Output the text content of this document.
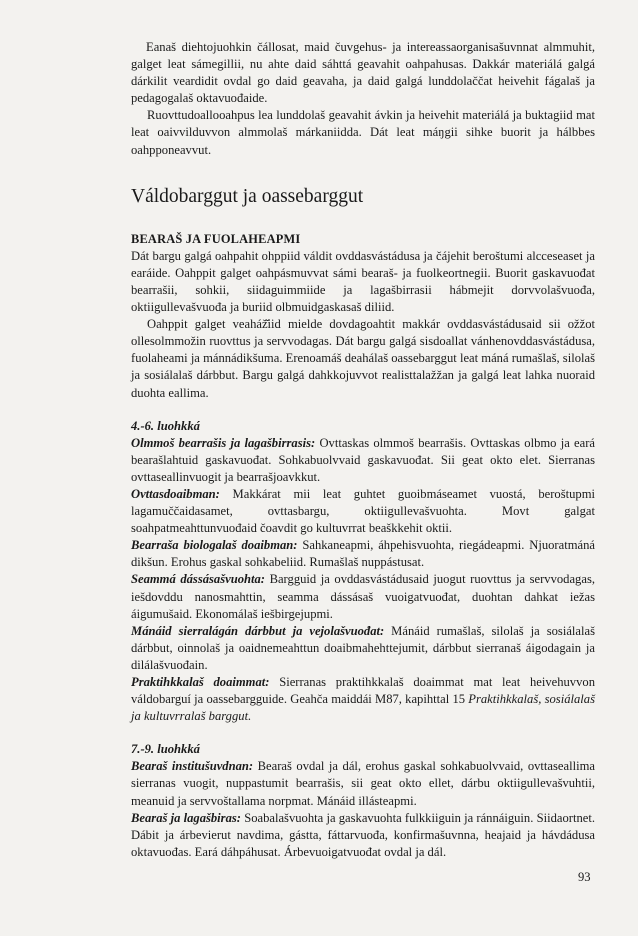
Eanaš diehtojuohkin čállosat, maid čuvgehus- ja intereassaorganisašuvnnat almmuhit, galget leat sámegillii, nu ahte daid sáhttá geavahit oahpahusas. Dakkár materiálá galgá dárkilit veardidit ovdal go daid geavaha, ja daid galgá lunddolaččat heivehit fágalaš ja pedagogalaš oktavuođaide.

Ruovttudoallooahpus lea lunddolaš geavahit ávkin ja heivehit materiálá ja buktagiid mat leat oaivvilduvvon almmolaš márkaniidda. Dát leat máŋgii sihke buorit ja hálbbes oahpponeavvut.

Váldobarggut ja oassebarggut

BEARAŠ JA FUOLAHEAPMI

Dát bargu galgá oahpahit ohppiid váldit ovddasvástádusa ja čájehit beroštumi alcceseaset ja earáide. Oahppit galget oahpásmuvvat sámi bearaš- ja fuolkeortnegii. Buorit gaskavuođat bearrašii, sohkii, siidaguimmiide ja lagašbirrasii hábmejit dorvvolašvuođa, oktiigullevašvuođa ja buriid olbmuidgaskasaš diliid.

Oahppit galget veaháž̌iid mielde dovdagoahtit makkár ovddasvástádusaid sii ožžot ollesolmmožin ruovttus ja servvodagas. Dát bargu galgá sisdoallat vánhenovddasvástádusa, fuolaheami ja mánnádikšuma. Erenoamáš deahálaš oassebarggut leat máná rumašlaš, silolaš ja sosiálalaš dárbbut. Bargu galgá dahkkojuvvot realisttalažžan ja galgá leat lahka nuoraid duohta eallima.

4.-6. luohkká

Olmmoš bearrašis ja lagašbirrasis: Ovttaskas olmmoš bearrašis. Ovttaskas olbmo ja eará bearašlahtuid gaskavuođat. Sohkabuolvvaid gaskavuođat. Sii geat okto elet. Sierranas ovttaseallinvuogit ja bearrašjoavkkut.

Ovttasdoaibman: Makkárat mii leat guhtet guoibmáseamet vuostá, beroštupmi lagamuččaidasamet, ovttasbargu, oktiigullevašvuohta. Movt galgat soahpatmeahttunvuođaid čoavdit go kultuvrrat beaškkehit oktii.

Bearraša biologalaš doaibman: Sahkaneapmi, áhpehisvuohta, riegádeapmi. Njuoratmáná dikšun. Erohus gaskal sohkabeliid. Rumašlaš nuppástusat.

Seammá dássásašvuohta: Bargguid ja ovddasvástádusaid juogut ruovttus ja servvodagas, iešdovddu nanosmahttin, seamma dássásaš vuoigatvuođat, duohtan dahkat iežas áigumušaid. Ekonomálaš iešbirgejupmi.

Mánáid sierralágán dárbbut ja vejolašvuođat: Mánáid rumašlaš, silolaš ja sosiálalaš dárbbut, oinnolaš ja oaidnemeahttun doaibmahehttejumit, dárbbut sierranaš áigodagain ja dilálašvuođain.

Praktihkkalaš doaimmat: Sierranas praktihkkalaš doaimmat mat leat heivehuvvon váldobarguí ja oassebargguide. Geahča maiddái M87, kapihttal 15 Praktihkkalaš, sosiálalaš ja kultuvrralaš barggut.

7.-9. luohkká

Bearaš institušuvdnan: Bearaš ovdal ja dál, erohus gaskal sohkabuolvvaid, ovttaseallima sierranas vuogit, nuppastumit bearrašis, sii geat okto ellet, dárbu oktiigullevašvuhtii, meanuid ja servvoštallama norpmat. Mánáid illásteapmi.

Bearaš ja lagašbiras: Soabalašvuohta ja gaskavuohta fulkkiiguin ja ránnáiguin. Siidaortnet. Dábit ja árbevierut navdima, gástta, fáttarvuođa, konfirmašuvnna, heajaid ja hávdádusa oktavuođas. Eará dáhpáhusat. Árbevuoigatvuođat ovdal ja dál.

93
